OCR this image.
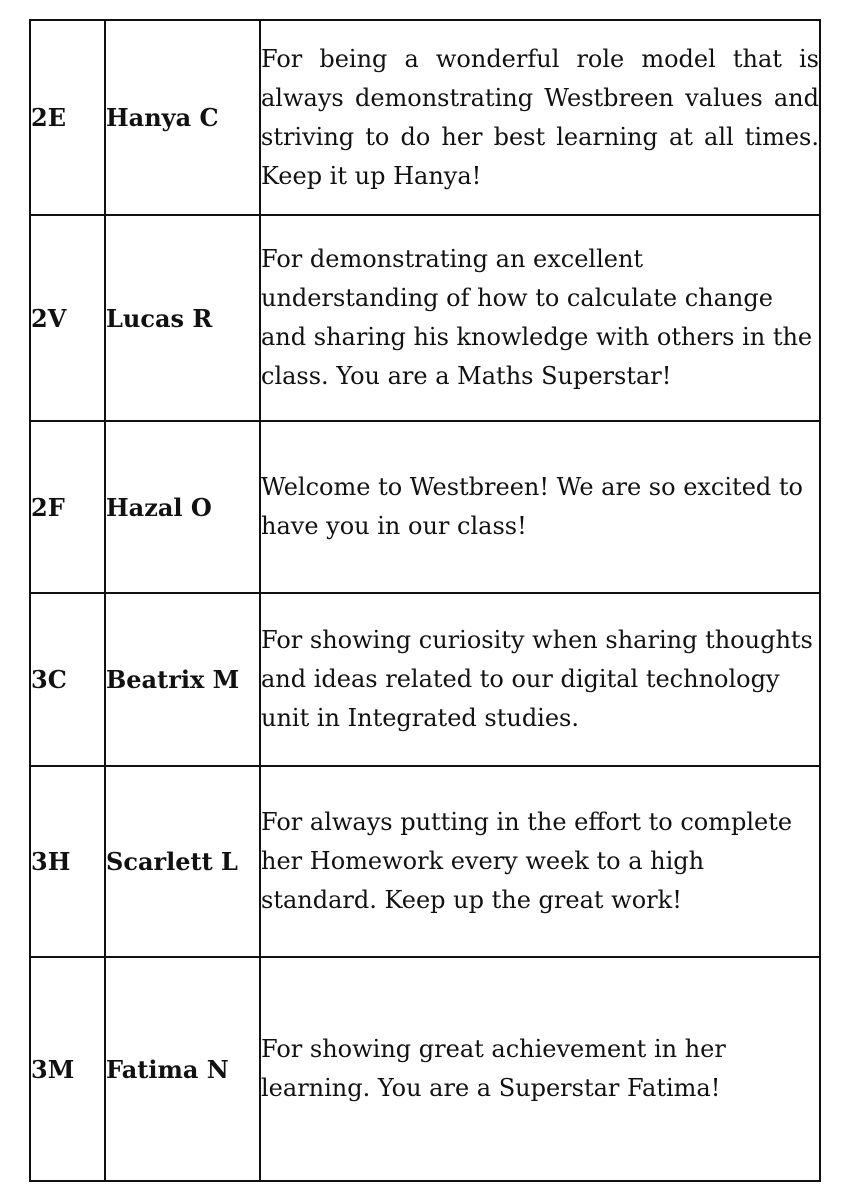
2E	Hanya C	For being a wonderful role model that is always demonstrating Westbreen values and striving to do her best learning at all times. Keep it up Hanya!
2V	Lucas R	For demonstrating an excellent understanding of how to calculate change and sharing his knowledge with others in the class. You are a Maths Superstar!
2F	Hazal O	Welcome to Westbreen! We are so excited to have you in our class!
3C	Beatrix M	For showing curiosity when sharing thoughts and ideas related to our digital technology unit in Integrated studies.
3H	Scarlett L	For always putting in the effort to complete her Homework every week to a high standard. Keep up the great work!
3M	Fatima N	For showing great achievement in her learning. You are a Superstar Fatima!
